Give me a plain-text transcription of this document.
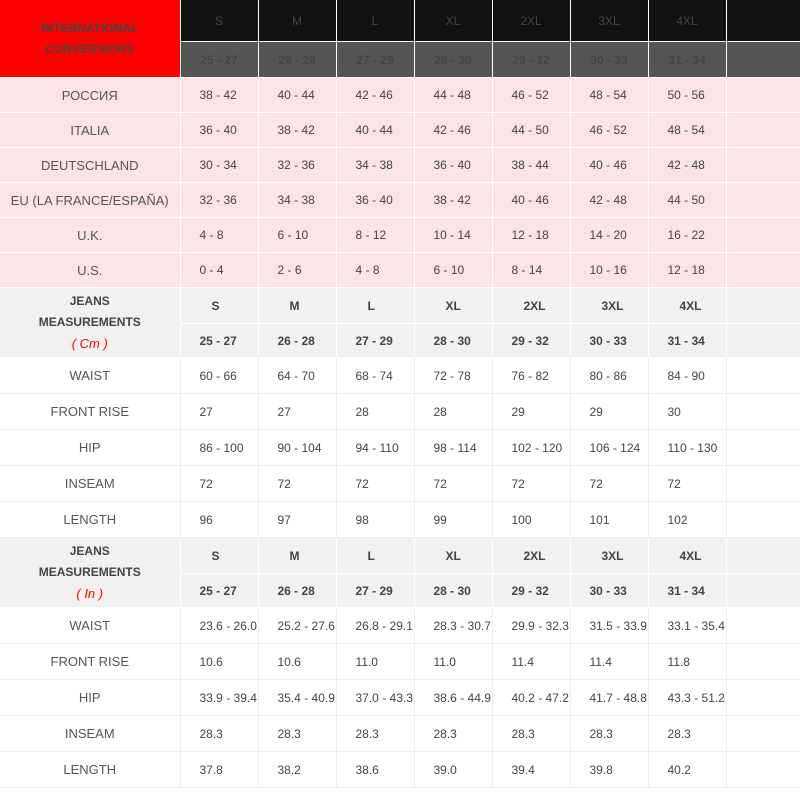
INTERNATIONAL
CONVERSIONS	S	M	L	XL	2XL	3XL	4XL	
	25 - 27	26 - 28	27 - 29	28 - 30	29 - 32	30 - 33	31 - 34	
РОССИЯ	38 - 42	40 - 44	42 - 46	44 - 48	46 - 52	48 - 54	50 - 56	
ITALIA	36 - 40	38 - 42	40 - 44	42 - 46	44 - 50	46 - 52	48 - 54	
DEUTSCHLAND	30 - 34	32 - 36	34 - 38	36 - 40	38 - 44	40 - 46	42 - 48	
EU (LA FRANCE/ESPAÑA)	32 - 36	34 - 38	36 - 40	38 - 42	40 - 46	42 - 48	44 - 50	
U.K.	4 - 8	6 - 10	8 - 12	10 - 14	12 - 18	14 - 20	16 - 22	
U.S.	0 - 4	2 - 6	4 - 8	6 - 10	8 - 14	10 - 16	12 - 18	
JEANS
MEASUREMENTS
( Cm )	S	M	L	XL	2XL	3XL	4XL	
	25 - 27	26 - 28	27 - 29	28 - 30	29 - 32	30 - 33	31 - 34	
WAIST	60 - 66	64 - 70	68 - 74	72 - 78	76 - 82	80 - 86	84 - 90	
FRONT RISE	27	27	28	28	29	29	30	
HIP	86 - 100	90 - 104	94 - 110	98 - 114	102 - 120	106 - 124	110 - 130	
INSEAM	72	72	72	72	72	72	72	
LENGTH	96	97	98	99	100	101	102	
JEANS
MEASUREMENTS
( In )	S	M	L	XL	2XL	3XL	4XL	
	25 - 27	26 - 28	27 - 29	28 - 30	29 - 32	30 - 33	31 - 34	
WAIST	23.6 - 26.0	25.2 - 27.6	26.8 - 29.1	28.3 - 30.7	29.9 - 32.3	31.5 - 33.9	33.1 - 35.4	
FRONT RISE	10.6	10.6	11.0	11.0	11.4	11.4	11.8	
HIP	33.9 - 39.4	35.4 - 40.9	37.0 - 43.3	38.6 - 44.9	40.2 - 47.2	41.7 - 48.8	43.3 - 51.2	
INSEAM	28.3	28.3	28.3	28.3	28.3	28.3	28.3	
LENGTH	37.8	38.2	38.6	39.0	39.4	39.8	40.2	
